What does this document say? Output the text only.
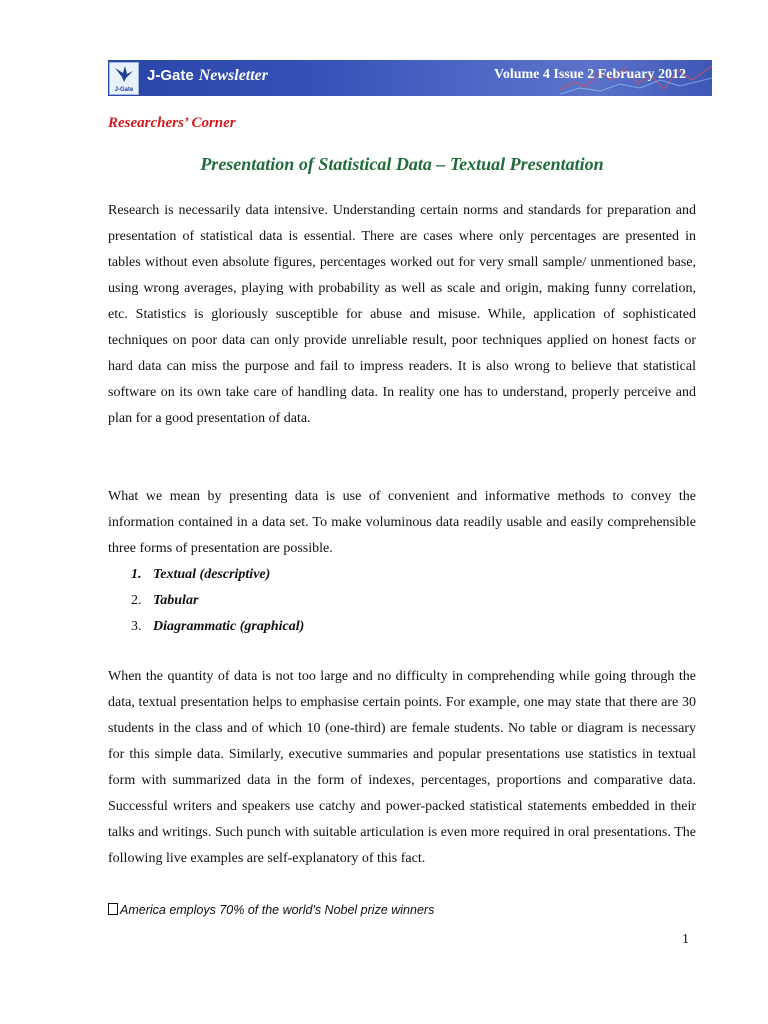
J-Gate
J-Gate Newsletter	Volume 4 Issue 2 February 2012

Researchers’ Corner

Presentation of Statistical Data – Textual Presentation

Research is necessarily data intensive. Understanding certain norms and standards for preparation and presentation of statistical data is essential. There are cases where only percentages are presented in tables without even absolute figures, percentages worked out for very small sample/ unmentioned base, using wrong averages, playing with probability as well as scale and origin, making funny correlation, etc. Statistics is gloriously susceptible for abuse and misuse. While, application of sophisticated techniques on poor data can only provide unreliable result, poor techniques applied on honest facts or hard data can miss the purpose and fail to impress readers. It is also wrong to believe that statistical software on its own take care of handling data. In reality one has to understand, properly perceive and plan for a good presentation of data.

What we mean by presenting data is use of convenient and informative methods to convey the information contained in a data set. To make voluminous data readily usable and easily comprehensible three forms of presentation are possible.

1. Textual (descriptive)
2. Tabular
3. Diagrammatic (graphical)

When the quantity of data is not too large and no difficulty in comprehending while going through the data, textual presentation helps to emphasise certain points. For example, one may state that there are 30 students in the class and of which 10 (one-third) are female students. No table or diagram is necessary for this simple data. Similarly, executive summaries and popular presentations use statistics in textual form with summarized data in the form of indexes, percentages, proportions and comparative data. Successful writers and speakers use catchy and power-packed statistical statements embedded in their talks and writings. Such punch with suitable articulation is even more required in oral presentations. The following live examples are self-explanatory of this fact.

America employs 70% of the world's Nobel prize winners

1
